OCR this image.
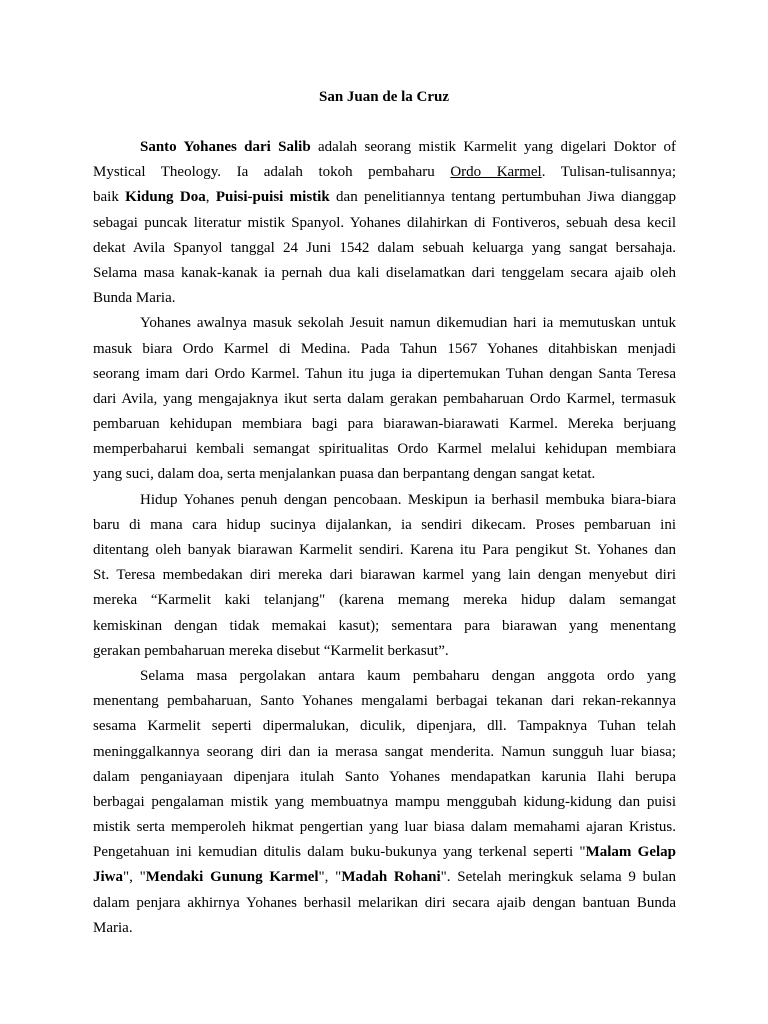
San Juan de la Cruz
Santo Yohanes dari Salib adalah seorang mistik Karmelit yang digelari Doktor of
Mystical Theology. Ia adalah tokoh pembaharu Ordo Karmel. Tulisan-tulisannya;
baik Kidung Doa, Puisi-puisi mistik dan penelitiannya tentang pertumbuhan Jiwa dianggap
sebagai puncak literatur mistik Spanyol. Yohanes dilahirkan di Fontiveros, sebuah desa kecil
dekat Avila Spanyol tanggal 24 Juni 1542 dalam sebuah keluarga yang sangat bersahaja.
Selama masa kanak-kanak ia pernah dua kali diselamatkan dari tenggelam secara ajaib oleh
Bunda Maria.
Yohanes awalnya masuk sekolah Jesuit namun dikemudian hari ia memutuskan untuk
masuk biara Ordo Karmel di Medina. Pada Tahun 1567 Yohanes ditahbiskan menjadi
seorang imam dari Ordo Karmel. Tahun itu juga ia dipertemukan Tuhan dengan Santa Teresa
dari Avila, yang mengajaknya ikut serta dalam gerakan pembaharuan Ordo Karmel, termasuk
pembaruan kehidupan membiara bagi para biarawan-biarawati Karmel. Mereka berjuang
memperbaharui kembali semangat spiritualitas Ordo Karmel melalui kehidupan membiara
yang suci, dalam doa, serta menjalankan puasa dan berpantang dengan sangat ketat.
Hidup Yohanes penuh dengan pencobaan. Meskipun ia berhasil membuka biara-biara
baru di mana cara hidup sucinya dijalankan, ia sendiri dikecam. Proses pembaruan ini
ditentang oleh banyak biarawan Karmelit sendiri. Karena itu Para pengikut St. Yohanes dan
St. Teresa membedakan diri mereka dari biarawan karmel yang lain dengan menyebut diri
mereka “Karmelit kaki telanjang" (karena memang mereka hidup dalam semangat
kemiskinan dengan tidak memakai kasut); sementara para biarawan yang menentang
gerakan pembaharuan mereka disebut “Karmelit berkasut”.
Selama masa pergolakan antara kaum pembaharu dengan anggota ordo yang
menentang pembaharuan, Santo Yohanes mengalami berbagai tekanan dari rekan-rekannya
sesama Karmelit seperti dipermalukan, diculik, dipenjara, dll. Tampaknya Tuhan telah
meninggalkannya seorang diri dan ia merasa sangat menderita. Namun sungguh luar biasa;
dalam penganiayaan dipenjara itulah Santo Yohanes mendapatkan karunia Ilahi berupa
berbagai pengalaman mistik yang membuatnya mampu menggubah kidung-kidung dan puisi
mistik serta memperoleh hikmat pengertian yang luar biasa dalam memahami ajaran Kristus.
Pengetahuan ini kemudian ditulis dalam buku-bukunya yang terkenal seperti "Malam Gelap
Jiwa", "Mendaki Gunung Karmel", "Madah Rohani". Setelah meringkuk selama 9 bulan
dalam penjara akhirnya Yohanes berhasil melarikan diri secara ajaib dengan bantuan Bunda
Maria.
